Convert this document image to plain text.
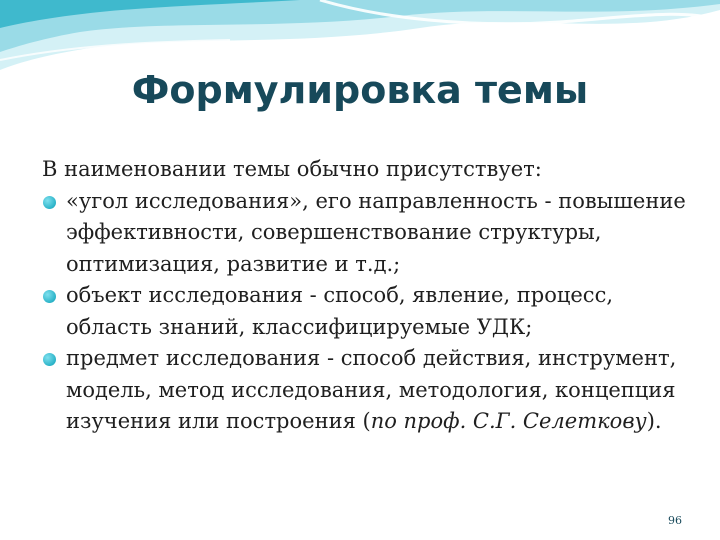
Формулировка темы

В наименовании темы обычно присутствует:

«угол исследования», его направленность - повышение эффективности, совершенствование структуры, оптимизация, развитие и т.д.;
объект исследования - способ, явление, процесс, область знаний, классифицируемые УДК;
предмет исследования - способ действия, инструмент, модель, метод исследования, методология, концепция изучения или построения (по проф. С.Г. Селеткову).
96
